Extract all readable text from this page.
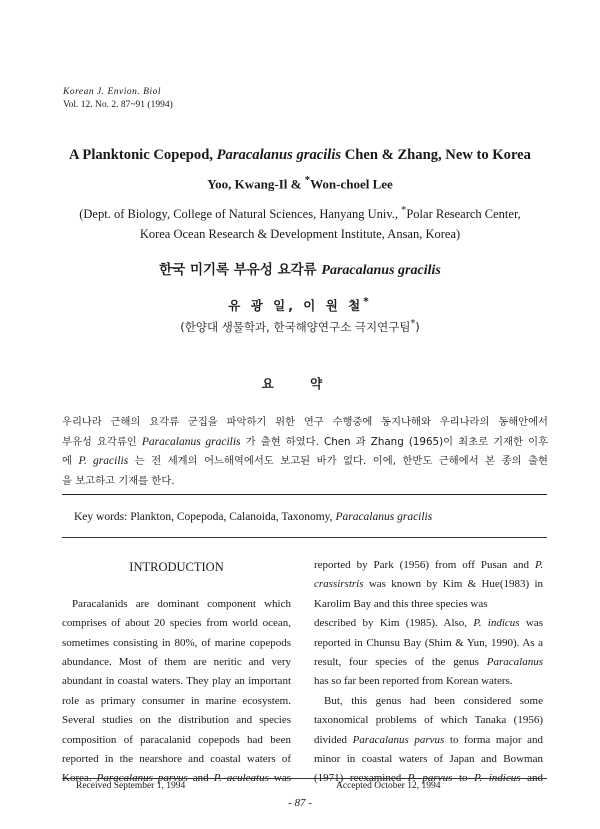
Korean J. Envion. Biol
Vol. 12. No. 2. 87~91 (1994)
A Planktonic Copepod, Paracalanus gracilis Chen & Zhang, New to Korea
Yoo, Kwang-Il & *Won-choel Lee
(Dept. of Biology, College of Natural Sciences, Hanyang Univ., *Polar Research Center,
Korea Ocean Research & Development Institute, Ansan, Korea)
한국 미기록 부유성 요각류 Paracalanus gracilis
유 광 일, 이 원 철*
(한양대 생물학과, 한국해양연구소 극지연구팀*)
요 약
우리나라 근해의 요각류 군집을 파악하기 위한 연구 수행중에 동지나해와 우리나라의 동해안에서
부유성 요각류인 Paracalanus gracilis 가 출현 하였다. Chen 과 Zhang (1965)이 최초로 기재한 이후
에 P. gracilis 는 전 세계의 어느해역에서도 보고된 바가 없다. 이에, 한반도 근해에서 본 종의 출현
을 보고하고 기재를 한다.
Key words: Plankton, Copepoda, Calanoida, Taxonomy, Paracalanus gracilis
INTRODUCTION
Paracalanids are dominant component which
comprises of about 20 species from world ocean,
sometimes consisting in 80%, of marine copepods
abundance. Most of them are neritic and very
abundant in coastal waters. They play an important
role as primary consumer in marine ecosystem.
Several studies on the distribution and species
composition of paracalanid copepods had been
reported in the nearshore and coastal waters of
Korea. Paracalanus parvus and P. aculeatus was
reported by Park (1956) from off Pusan and P.
crassirstris was known by Kim & Hue(1983) in
Karolim Bay and this three species was
described by Kim (1985). Also, P. indicus was
reported in Chunsu Bay (Shim & Yun, 1990). As a
result, four species of the genus Paracalanus
has so far been reported from Korean waters.
But, this genus had been considered some
taxonomical problems of which Tanaka (1956)
divided Paracalanus parvus to forma major and
minor in coastal waters of Japan and Bowman
(1971) reexamined P. parvus to P. indicus and
Received September 1, 1994	Accepted October 12, 1994
- 87 -
